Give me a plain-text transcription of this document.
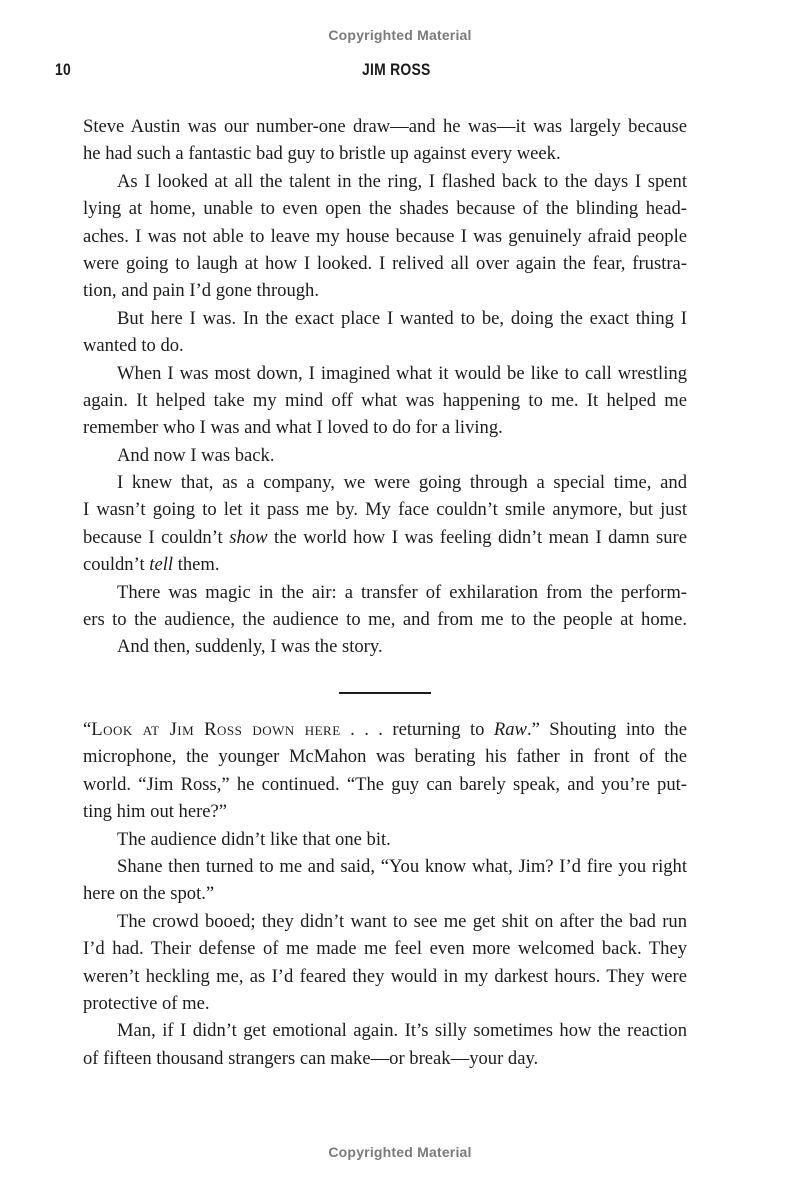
Copyrighted Material
10	JIM ROSS
Steve Austin was our number-one draw—and he was—it was largely because
he had such a fantastic bad guy to bristle up against every week.
As I looked at all the talent in the ring, I flashed back to the days I spent
lying at home, unable to even open the shades because of the blinding head-
aches. I was not able to leave my house because I was genuinely afraid people
were going to laugh at how I looked. I relived all over again the fear, frustra-
tion, and pain I’d gone through.
But here I was. In the exact place I wanted to be, doing the exact thing I
wanted to do.
When I was most down, I imagined what it would be like to call wrestling
again. It helped take my mind off what was happening to me. It helped me
remember who I was and what I loved to do for a living.
And now I was back.
I knew that, as a company, we were going through a special time, and
I wasn’t going to let it pass me by. My face couldn’t smile anymore, but just
because I couldn’t show the world how I was feeling didn’t mean I damn sure
couldn’t tell them.
There was magic in the air: a transfer of exhilaration from the perform-
ers to the audience, the audience to me, and from me to the people at home.
And then, suddenly, I was the story.
“Look at Jim Ross down here . . . returning to Raw.” Shouting into the
microphone, the younger McMahon was berating his father in front of the
world. “Jim Ross,” he continued. “The guy can barely speak, and you’re put-
ting him out here?”
The audience didn’t like that one bit.
Shane then turned to me and said, “You know what, Jim? I’d fire you right
here on the spot.”
The crowd booed; they didn’t want to see me get shit on after the bad run
I’d had. Their defense of me made me feel even more welcomed back. They
weren’t heckling me, as I’d feared they would in my darkest hours. They were
protective of me.
Man, if I didn’t get emotional again. It’s silly sometimes how the reaction
of fifteen thousand strangers can make—or break—your day.
Copyrighted Material
